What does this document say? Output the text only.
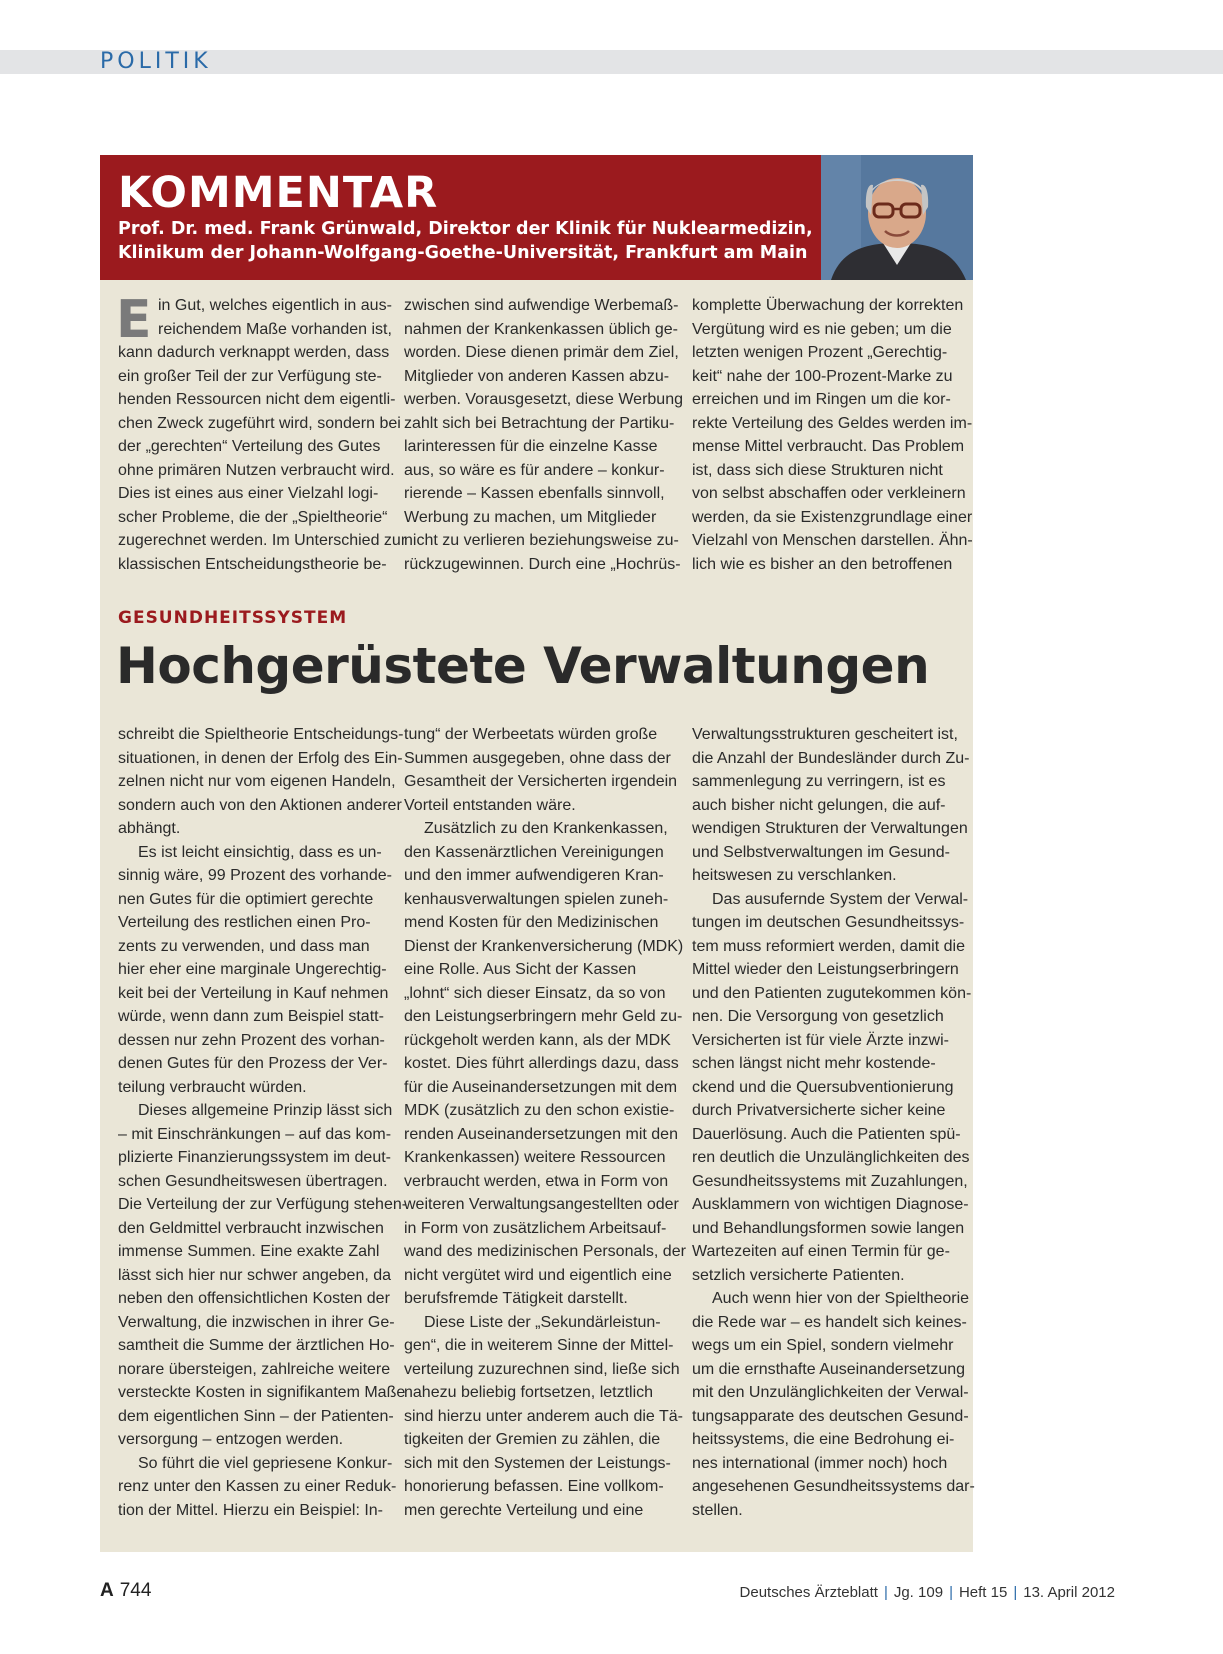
POLITIK
KOMMENTAR
Prof. Dr. med. Frank Grünwald, Direktor der Klinik für Nuklearmedizin,
Klinikum der Johann-Wolfgang-Goethe-Universität, Frankfurt am Main
E in Gut, welches eigentlich in aus-

reichendem Maße vorhanden ist,

kann dadurch verknappt werden, dass

ein großer Teil der zur Verfügung ste-

henden Ressourcen nicht dem eigentli-

chen Zweck zugeführt wird, sondern bei

der „gerechten“ Verteilung des Gutes

ohne primären Nutzen verbraucht wird.

Dies ist eines aus einer Vielzahl logi-

scher Probleme, die der „Spieltheorie“

zugerechnet werden. Im Unterschied zur

klassischen Entscheidungstheorie be-

zwischen sind aufwendige Werbemaß-

nahmen der Krankenkassen üblich ge-

worden. Diese dienen primär dem Ziel,

Mitglieder von anderen Kassen abzu-

werben. Vorausgesetzt, diese Werbung

zahlt sich bei Betrachtung der Partiku-

larinteressen für die einzelne Kasse

aus, so wäre es für andere – konkur-

rierende – Kassen ebenfalls sinnvoll,

Werbung zu machen, um Mitglieder

nicht zu verlieren beziehungsweise zu-

rückzugewinnen. Durch eine „Hochrüs-

komplette Überwachung der korrekten

Vergütung wird es nie geben; um die

letzten wenigen Prozent „Gerechtig-

keit“ nahe der 100-Prozent-Marke zu

erreichen und im Ringen um die kor-

rekte Verteilung des Geldes werden im-

mense Mittel verbraucht. Das Problem

ist, dass sich diese Strukturen nicht

von selbst abschaffen oder verkleinern

werden, da sie Existenzgrundlage einer

Vielzahl von Menschen darstellen. Ähn-

lich wie es bisher an den betroffenen

GESUNDHEITSSYSTEM
Hochgerüstete Verwaltungen

schreibt die Spieltheorie Entscheidungs-

situationen, in denen der Erfolg des Ein-

zelnen nicht nur vom eigenen Handeln,

sondern auch von den Aktionen anderer

abhängt.

Es ist leicht einsichtig, dass es un-

sinnig wäre, 99 Prozent des vorhande-

nen Gutes für die optimiert gerechte

Verteilung des restlichen einen Pro-

zents zu verwenden, und dass man

hier eher eine marginale Ungerechtig-

keit bei der Verteilung in Kauf nehmen

würde, wenn dann zum Beispiel statt-

dessen nur zehn Prozent des vorhan-

denen Gutes für den Prozess der Ver-

teilung verbraucht würden.

Dieses allgemeine Prinzip lässt sich

– mit Einschränkungen – auf das kom-

plizierte Finanzierungssystem im deut-

schen Gesundheitswesen übertragen.

Die Verteilung der zur Verfügung stehen-

den Geldmittel verbraucht inzwischen

immense Summen. Eine exakte Zahl

lässt sich hier nur schwer angeben, da

neben den offensichtlichen Kosten der

Verwaltung, die inzwischen in ihrer Ge-

samtheit die Summe der ärztlichen Ho-

norare übersteigen, zahlreiche weitere

versteckte Kosten in signifikantem Maße

dem eigentlichen Sinn – der Patienten-

versorgung – entzogen werden.

So führt die viel gepriesene Konkur-

renz unter den Kassen zu einer Reduk-

tion der Mittel. Hierzu ein Beispiel: In-

tung“ der Werbeetats würden große

Summen ausgegeben, ohne dass der

Gesamtheit der Versicherten irgendein

Vorteil entstanden wäre.

Zusätzlich zu den Krankenkassen,

den Kassenärztlichen Vereinigungen

und den immer aufwendigeren Kran-

kenhausverwaltungen spielen zuneh-

mend Kosten für den Medizinischen

Dienst der Krankenversicherung (MDK)

eine Rolle. Aus Sicht der Kassen

„lohnt“ sich dieser Einsatz, da so von

den Leistungserbringern mehr Geld zu-

rückgeholt werden kann, als der MDK

kostet. Dies führt allerdings dazu, dass

für die Auseinandersetzungen mit dem

MDK (zusätzlich zu den schon existie-

renden Auseinandersetzungen mit den

Krankenkassen) weitere Ressourcen

verbraucht werden, etwa in Form von

weiteren Verwaltungsangestellten oder

in Form von zusätzlichem Arbeitsauf-

wand des medizinischen Personals, der

nicht vergütet wird und eigentlich eine

berufsfremde Tätigkeit darstellt.

Diese Liste der „Sekundärleistun-

gen“, die in weiterem Sinne der Mittel-

verteilung zuzurechnen sind, ließe sich

nahezu beliebig fortsetzen, letztlich

sind hierzu unter anderem auch die Tä-

tigkeiten der Gremien zu zählen, die

sich mit den Systemen der Leistungs-

honorierung befassen. Eine vollkom-

men gerechte Verteilung und eine

Verwaltungsstrukturen gescheitert ist,

die Anzahl der Bundesländer durch Zu-

sammenlegung zu verringern, ist es

auch bisher nicht gelungen, die auf-

wendigen Strukturen der Verwaltungen

und Selbstverwaltungen im Gesund-

heitswesen zu verschlanken.

Das ausufernde System der Verwal-

tungen im deutschen Gesundheitssys-

tem muss reformiert werden, damit die

Mittel wieder den Leistungserbringern

und den Patienten zugutekommen kön-

nen. Die Versorgung von gesetzlich

Versicherten ist für viele Ärzte inzwi-

schen längst nicht mehr kostende-

ckend und die Quersubventionierung

durch Privatversicherte sicher keine

Dauerlösung. Auch die Patienten spü-

ren deutlich die Unzulänglichkeiten des

Gesundheitssystems mit Zuzahlungen,

Ausklammern von wichtigen Diagnose-

und Behandlungsformen sowie langen

Wartezeiten auf einen Termin für ge-

setzlich versicherte Patienten.

Auch wenn hier von der Spieltheorie

die Rede war – es handelt sich keines-

wegs um ein Spiel, sondern vielmehr

um die ernsthafte Auseinandersetzung

mit den Unzulänglichkeiten der Verwal-

tungsapparate des deutschen Gesund-

heitssystems, die eine Bedrohung ei-

nes international (immer noch) hoch

angesehenen Gesundheitssystems dar-

stellen.

A 744	Deutsches Ärzteblatt | Jg. 109 | Heft 15 | 13. April 2012
